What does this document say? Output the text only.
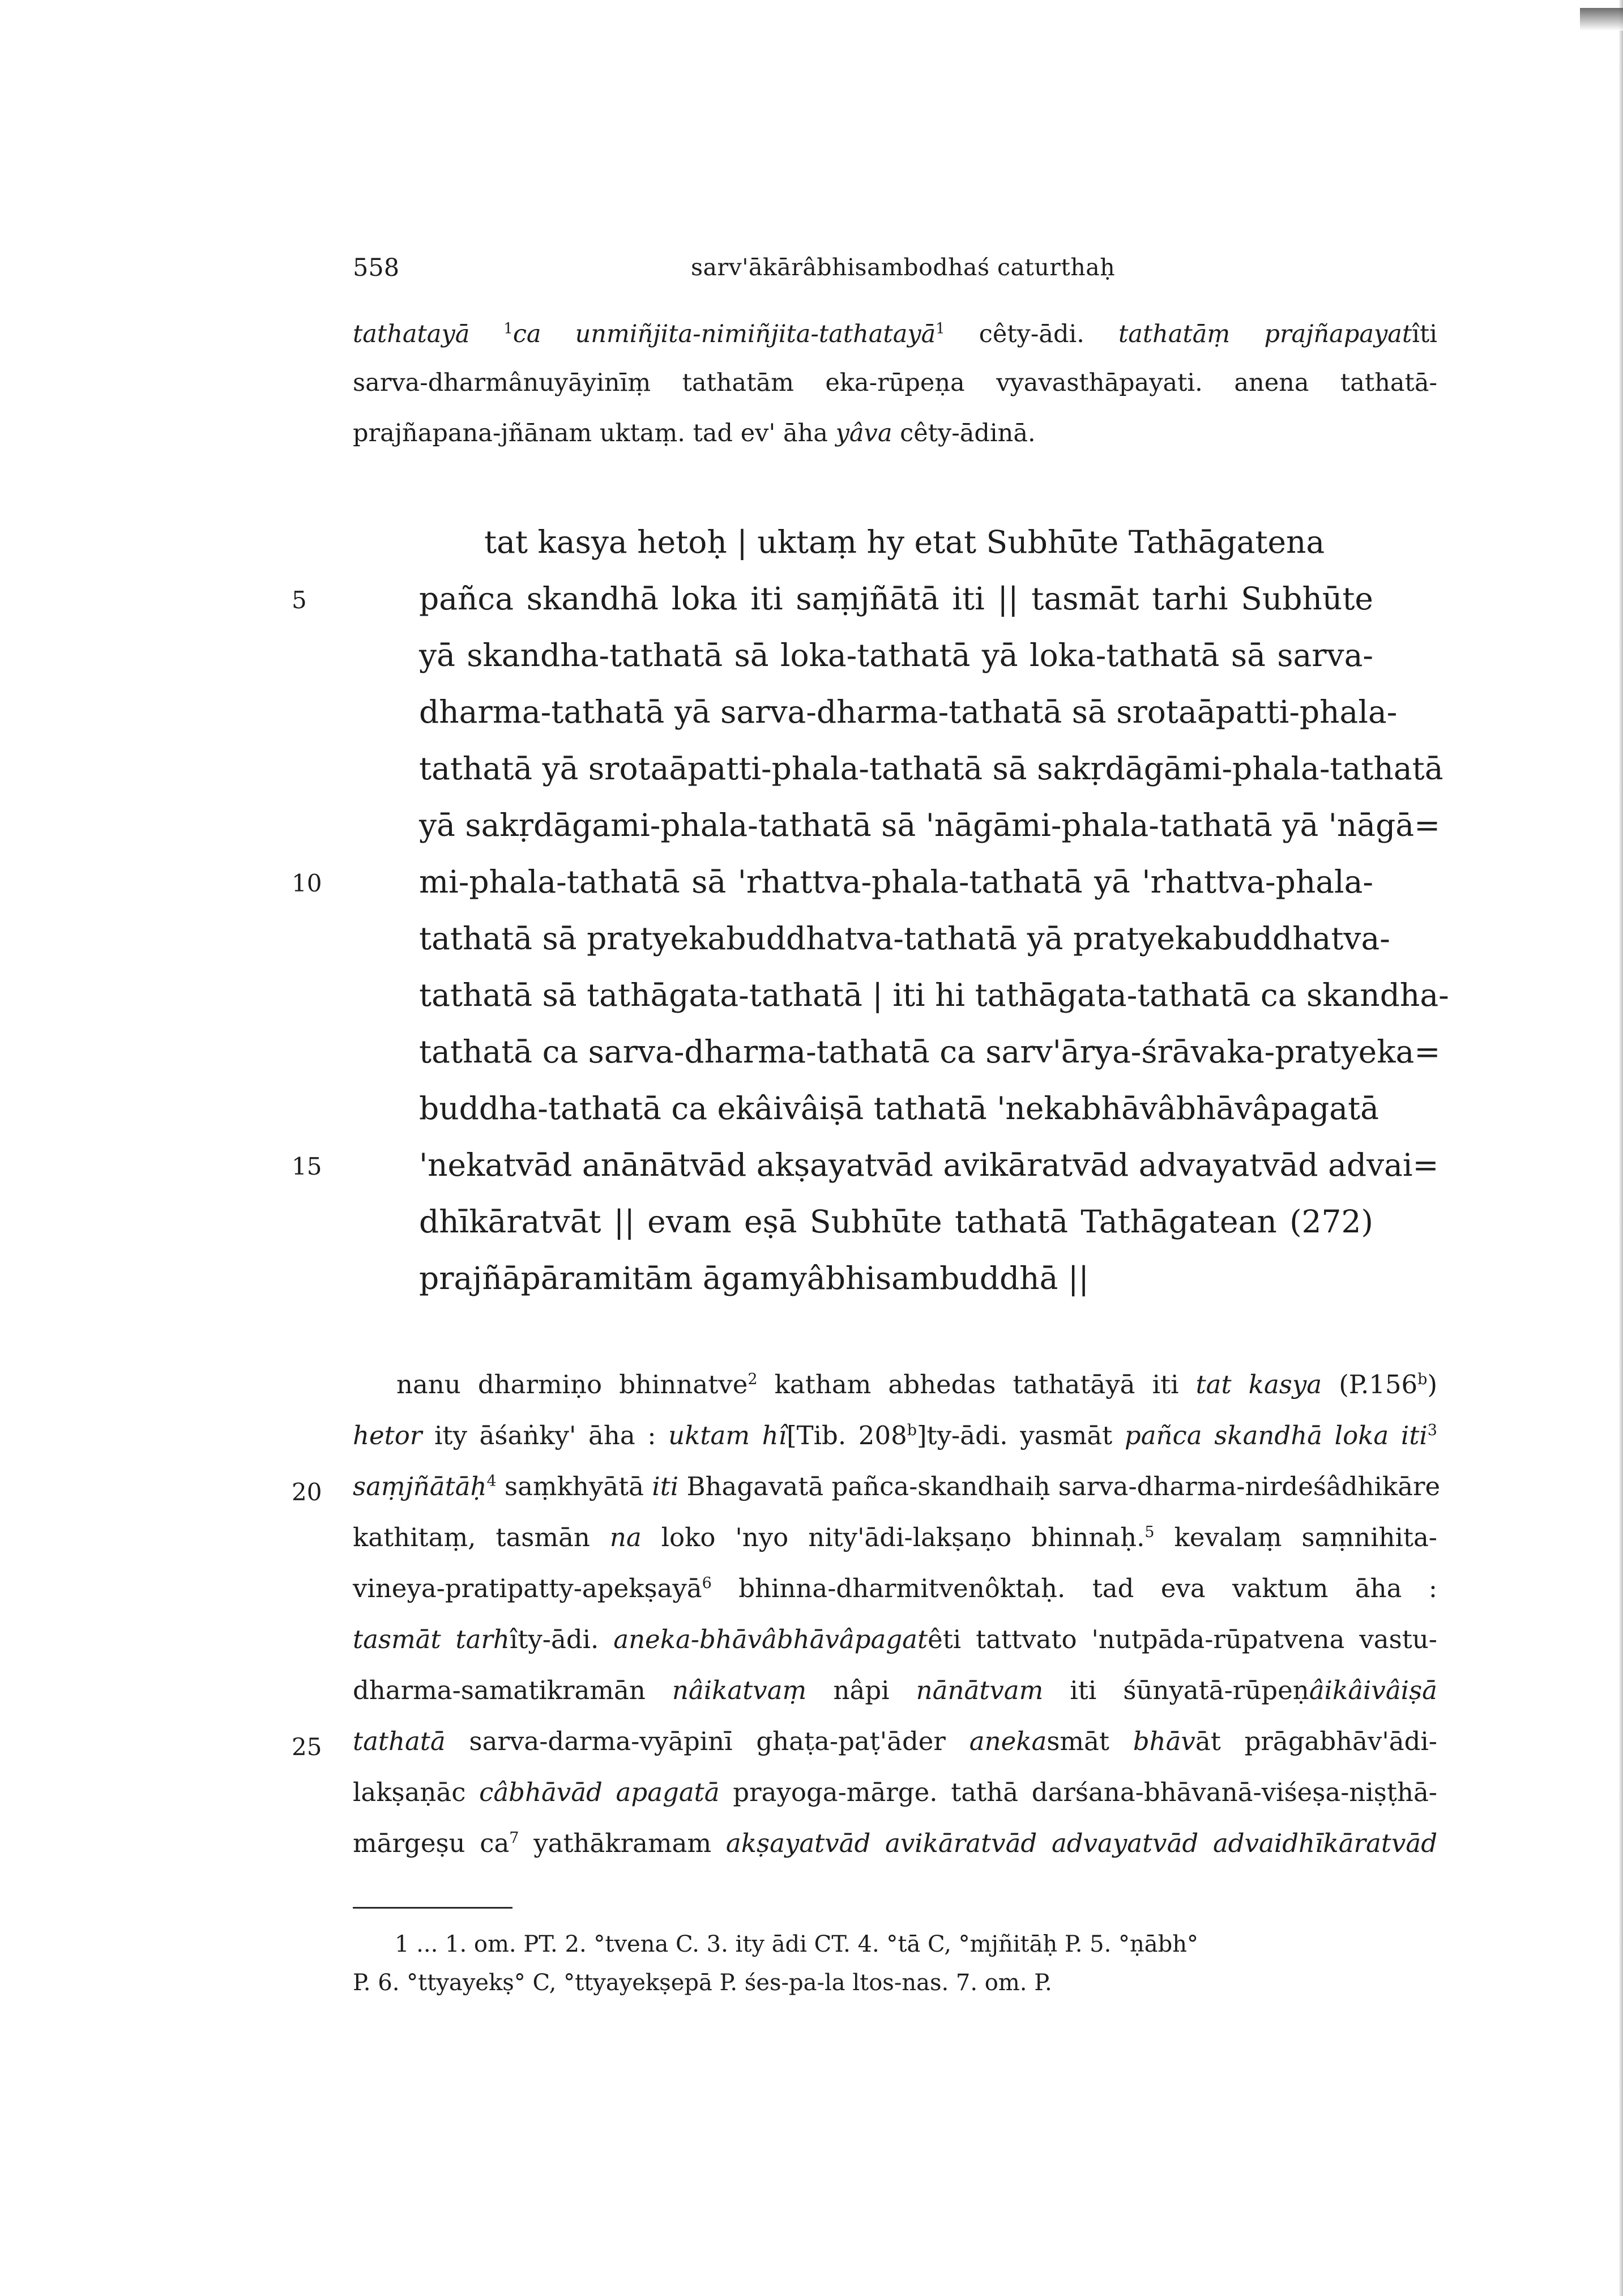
558	sarv'ākārâbhisambodhaś caturthaḥ
tathatayā $^1$ca unmiñjita-nimiñjita-tathatayā$^1$ cêty-ādi. tathatāṃ prajñapayatîti
sarva-dharmânuyāyinīṃ tathatām eka-rūpeṇa vyavasthāpayati. anena tathatā-
prajñapana-jñānam uktaṃ. tad ev' āha yâva cêty-ādinā.
tat kasya hetoḥ | uktaṃ hy etat Subhūte Tathāgatena
pañca skandhā loka iti saṃjñātā iti || tasmāt tarhi Subhūte
yā skandha-tathatā sā loka-tathatā yā loka-tathatā sā sarva-
dharma-tathatā yā sarva-dharma-tathatā sā srotaāpatti-phala-
tathatā yā srotaāpatti-phala-tathatā sā sakṛdāgāmi-phala-tathatā
yā sakṛdāgami-phala-tathatā sā 'nāgāmi-phala-tathatā yā 'nāgā=
mi-phala-tathatā sā 'rhattva-phala-tathatā yā 'rhattva-phala-
tathatā sā pratyekabuddhatva-tathatā yā pratyekabuddhatva-
tathatā sā tathāgata-tathatā | iti hi tathāgata-tathatā ca skandha-
tathatā ca sarva-dharma-tathatā ca sarv'ārya-śrāvaka-pratyeka=
buddha-tathatā ca ekâivâiṣā tathatā 'nekabhāvâbhāvâpagatā
'nekatvād anānātvād akṣayatvād avikāratvād advayatvād advai=
dhīkāratvāt || evam eṣā Subhūte tathatā Tathāgatean (272)
prajñāpāramitām āgamyâbhisambuddhā ||
nanu dharmiṇo bhinnatve$^2$ katham abhedas tathatāyā iti tat kasya (P.156$^b$)
hetor ity āśaṅky' āha : uktam hî[Tib. 208$^b$]ty-ādi. yasmāt pañca skandhā loka iti$^3$
saṃjñātāḥ$^4$ saṃkhyātā iti Bhagavatā pañca-skandhaiḥ sarva-dharma-nirdeśâdhikāre
kathitaṃ, tasmān na loko 'nyo nity'ādi-lakṣaṇo bhinnaḥ.$^5$ kevalaṃ saṃnihita-
vineya-pratipatty-apekṣayā$^6$ bhinna-dharmitvenôktaḥ. tad eva vaktum āha :
tasmāt tarhîty-ādi. aneka-bhāvâbhāvâpagatêti tattvato 'nutpāda-rūpatvena vastu-
dharma-samatikramān nâikatvaṃ nâpi nānātvam iti śūnyatā-rūpeṇâikâivâiṣā
tathatā sarva-darma-vyāpinī ghaṭa-paṭ'āder anekasmāt bhāvāt prāgabhāv'ādi-
lakṣaṇāc câbhāvād apagatā prayoga-mārge. tathā darśana-bhāvanā-viśeṣa-niṣṭhā-
mārgeṣu $ca^7$ yathākramam akṣayatvād avikāratvād advayatvād advaidhīkāratvād
5
10
15
20
25
1 ... 1. om. PT. 2. °tvena C. 3. ity ādi CT. 4. °tā C, °mjñitāḥ P. 5. °ṇābh°
P. 6. °ttyayekṣ° C, °ttyayekṣepā P. śes-pa-la ltos-nas. 7. om. P.
